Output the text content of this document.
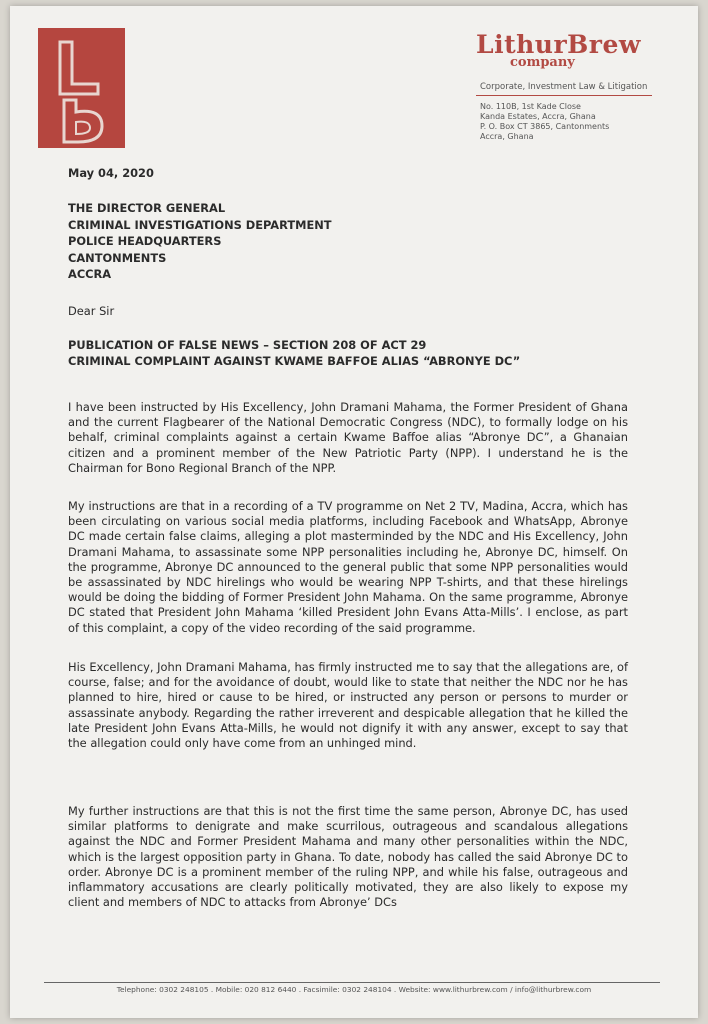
LithurBrew
company
Corporate, Investment Law & Litigation
No. 110B, 1st Kade Close
Kanda Estates, Accra, Ghana
P. O. Box CT 3865, Cantonments
Accra, Ghana
May 04, 2020
THE DIRECTOR GENERAL
CRIMINAL INVESTIGATIONS DEPARTMENT
POLICE HEADQUARTERS
CANTONMENTS
ACCRA
Dear Sir
PUBLICATION OF FALSE NEWS – SECTION 208 OF ACT 29
CRIMINAL COMPLAINT AGAINST KWAME BAFFOE ALIAS “ABRONYE DC”

I have been instructed by His Excellency, John Dramani Mahama, the Former President of Ghana and the current Flagbearer of the National Democratic Congress (NDC), to formally lodge on his behalf, criminal complaints against a certain Kwame Baffoe alias “Abronye DC”, a Ghanaian citizen and a prominent member of the New Patriotic Party (NPP). I understand he is the Chairman for Bono Regional Branch of the NPP.

My instructions are that in a recording of a TV programme on Net 2 TV, Madina, Accra, which has been circulating on various social media platforms, including Facebook and WhatsApp, Abronye DC made certain false claims, alleging a plot masterminded by the NDC and His Excellency, John Dramani Mahama, to assassinate some NPP personalities including he, Abronye DC, himself. On the programme, Abronye DC announced to the general public that some NPP personalities would be assassinated by NDC hirelings who would be wearing NPP T-shirts, and that these hirelings would be doing the bidding of Former President John Mahama. On the same programme, Abronye DC stated that President John Mahama ‘killed President John Evans Atta-Mills’. I enclose, as part of this complaint, a copy of the video recording of the said programme.

His Excellency, John Dramani Mahama, has firmly instructed me to say that the allegations are, of course, false; and for the avoidance of doubt, would like to state that neither the NDC nor he has planned to hire, hired or cause to be hired, or instructed any person or persons to murder or assassinate anybody. Regarding the rather irreverent and despicable allegation that he killed the late President John Evans Atta-Mills, he would not dignify it with any answer, except to say that the allegation could only have come from an unhinged mind.

My further instructions are that this is not the first time the same person, Abronye DC, has used similar platforms to denigrate and make scurrilous, outrageous and scandalous allegations against the NDC and Former President Mahama and many other personalities within the NDC, which is the largest opposition party in Ghana. To date, nobody has called the said Abronye DC to order. Abronye DC is a prominent member of the ruling NPP, and while his false, outrageous and inflammatory accusations are clearly politically motivated, they are also likely to expose my client and members of NDC to attacks from Abronye’ DCs

Telephone: 0302 248105 . Mobile: 020 812 6440 . Facsimile: 0302 248104 . Website: www.lithurbrew.com / info@lithurbrew.com
